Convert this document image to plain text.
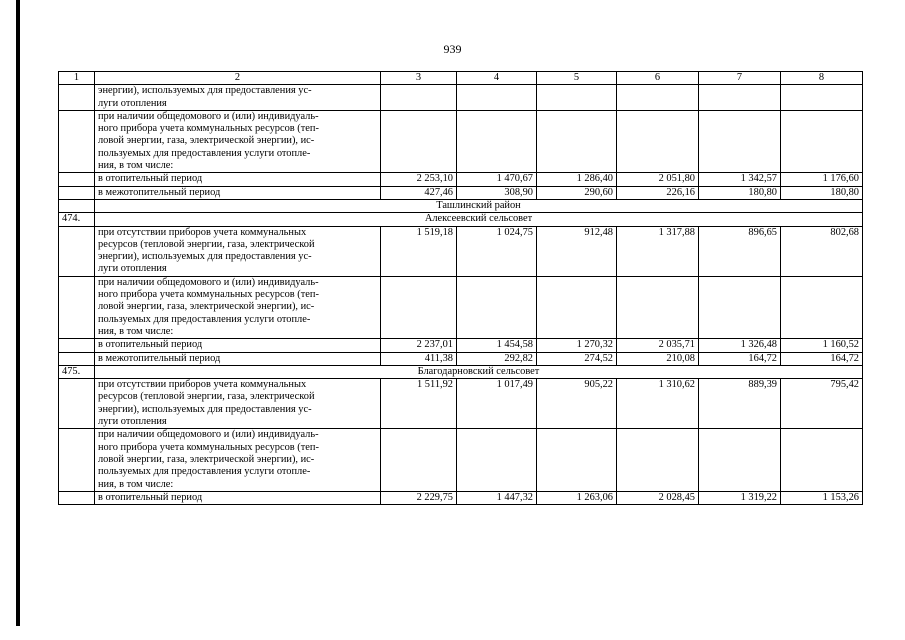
939
1	2	3	4	5	6	7	8
	энергии), используемых для предоставления ус-
луги отопления						
	при наличии общедомового и (или) индивидуаль-
ного прибора учета коммунальных ресурсов (теп-
ловой энергии, газа, электрической энергии), ис-
пользуемых для предоставления услуги отопле-
ния, в том числе:						
	в отопительный период	2 253,10	1 470,67	1 286,40	2 051,80	1 342,57	1 176,60
	в межотопительный период	427,46	308,90	290,60	226,16	180,80	180,80
	Ташлинский район						
474.	Алексеевский сельсовет						
	при отсутствии приборов учета коммунальных
ресурсов (тепловой энергии, газа, электрической
энергии), используемых для предоставления ус-
луги отопления	1 519,18	1 024,75	912,48	1 317,88	896,65	802,68
	при наличии общедомового и (или) индивидуаль-
ного прибора учета коммунальных ресурсов (теп-
ловой энергии, газа, электрической энергии), ис-
пользуемых для предоставления услуги отопле-
ния, в том числе:						
	в отопительный период	2 237,01	1 454,58	1 270,32	2 035,71	1 326,48	1 160,52
	в межотопительный период	411,38	292,82	274,52	210,08	164,72	164,72
475.	Благодарновский сельсовет						
	при отсутствии приборов учета коммунальных
ресурсов (тепловой энергии, газа, электрической
энергии), используемых для предоставления ус-
луги отопления	1 511,92	1 017,49	905,22	1 310,62	889,39	795,42
	при наличии общедомового и (или) индивидуаль-
ного прибора учета коммунальных ресурсов (теп-
ловой энергии, газа, электрической энергии), ис-
пользуемых для предоставления услуги отопле-
ния, в том числе:						
	в отопительный период	2 229,75	1 447,32	1 263,06	2 028,45	1 319,22	1 153,26
